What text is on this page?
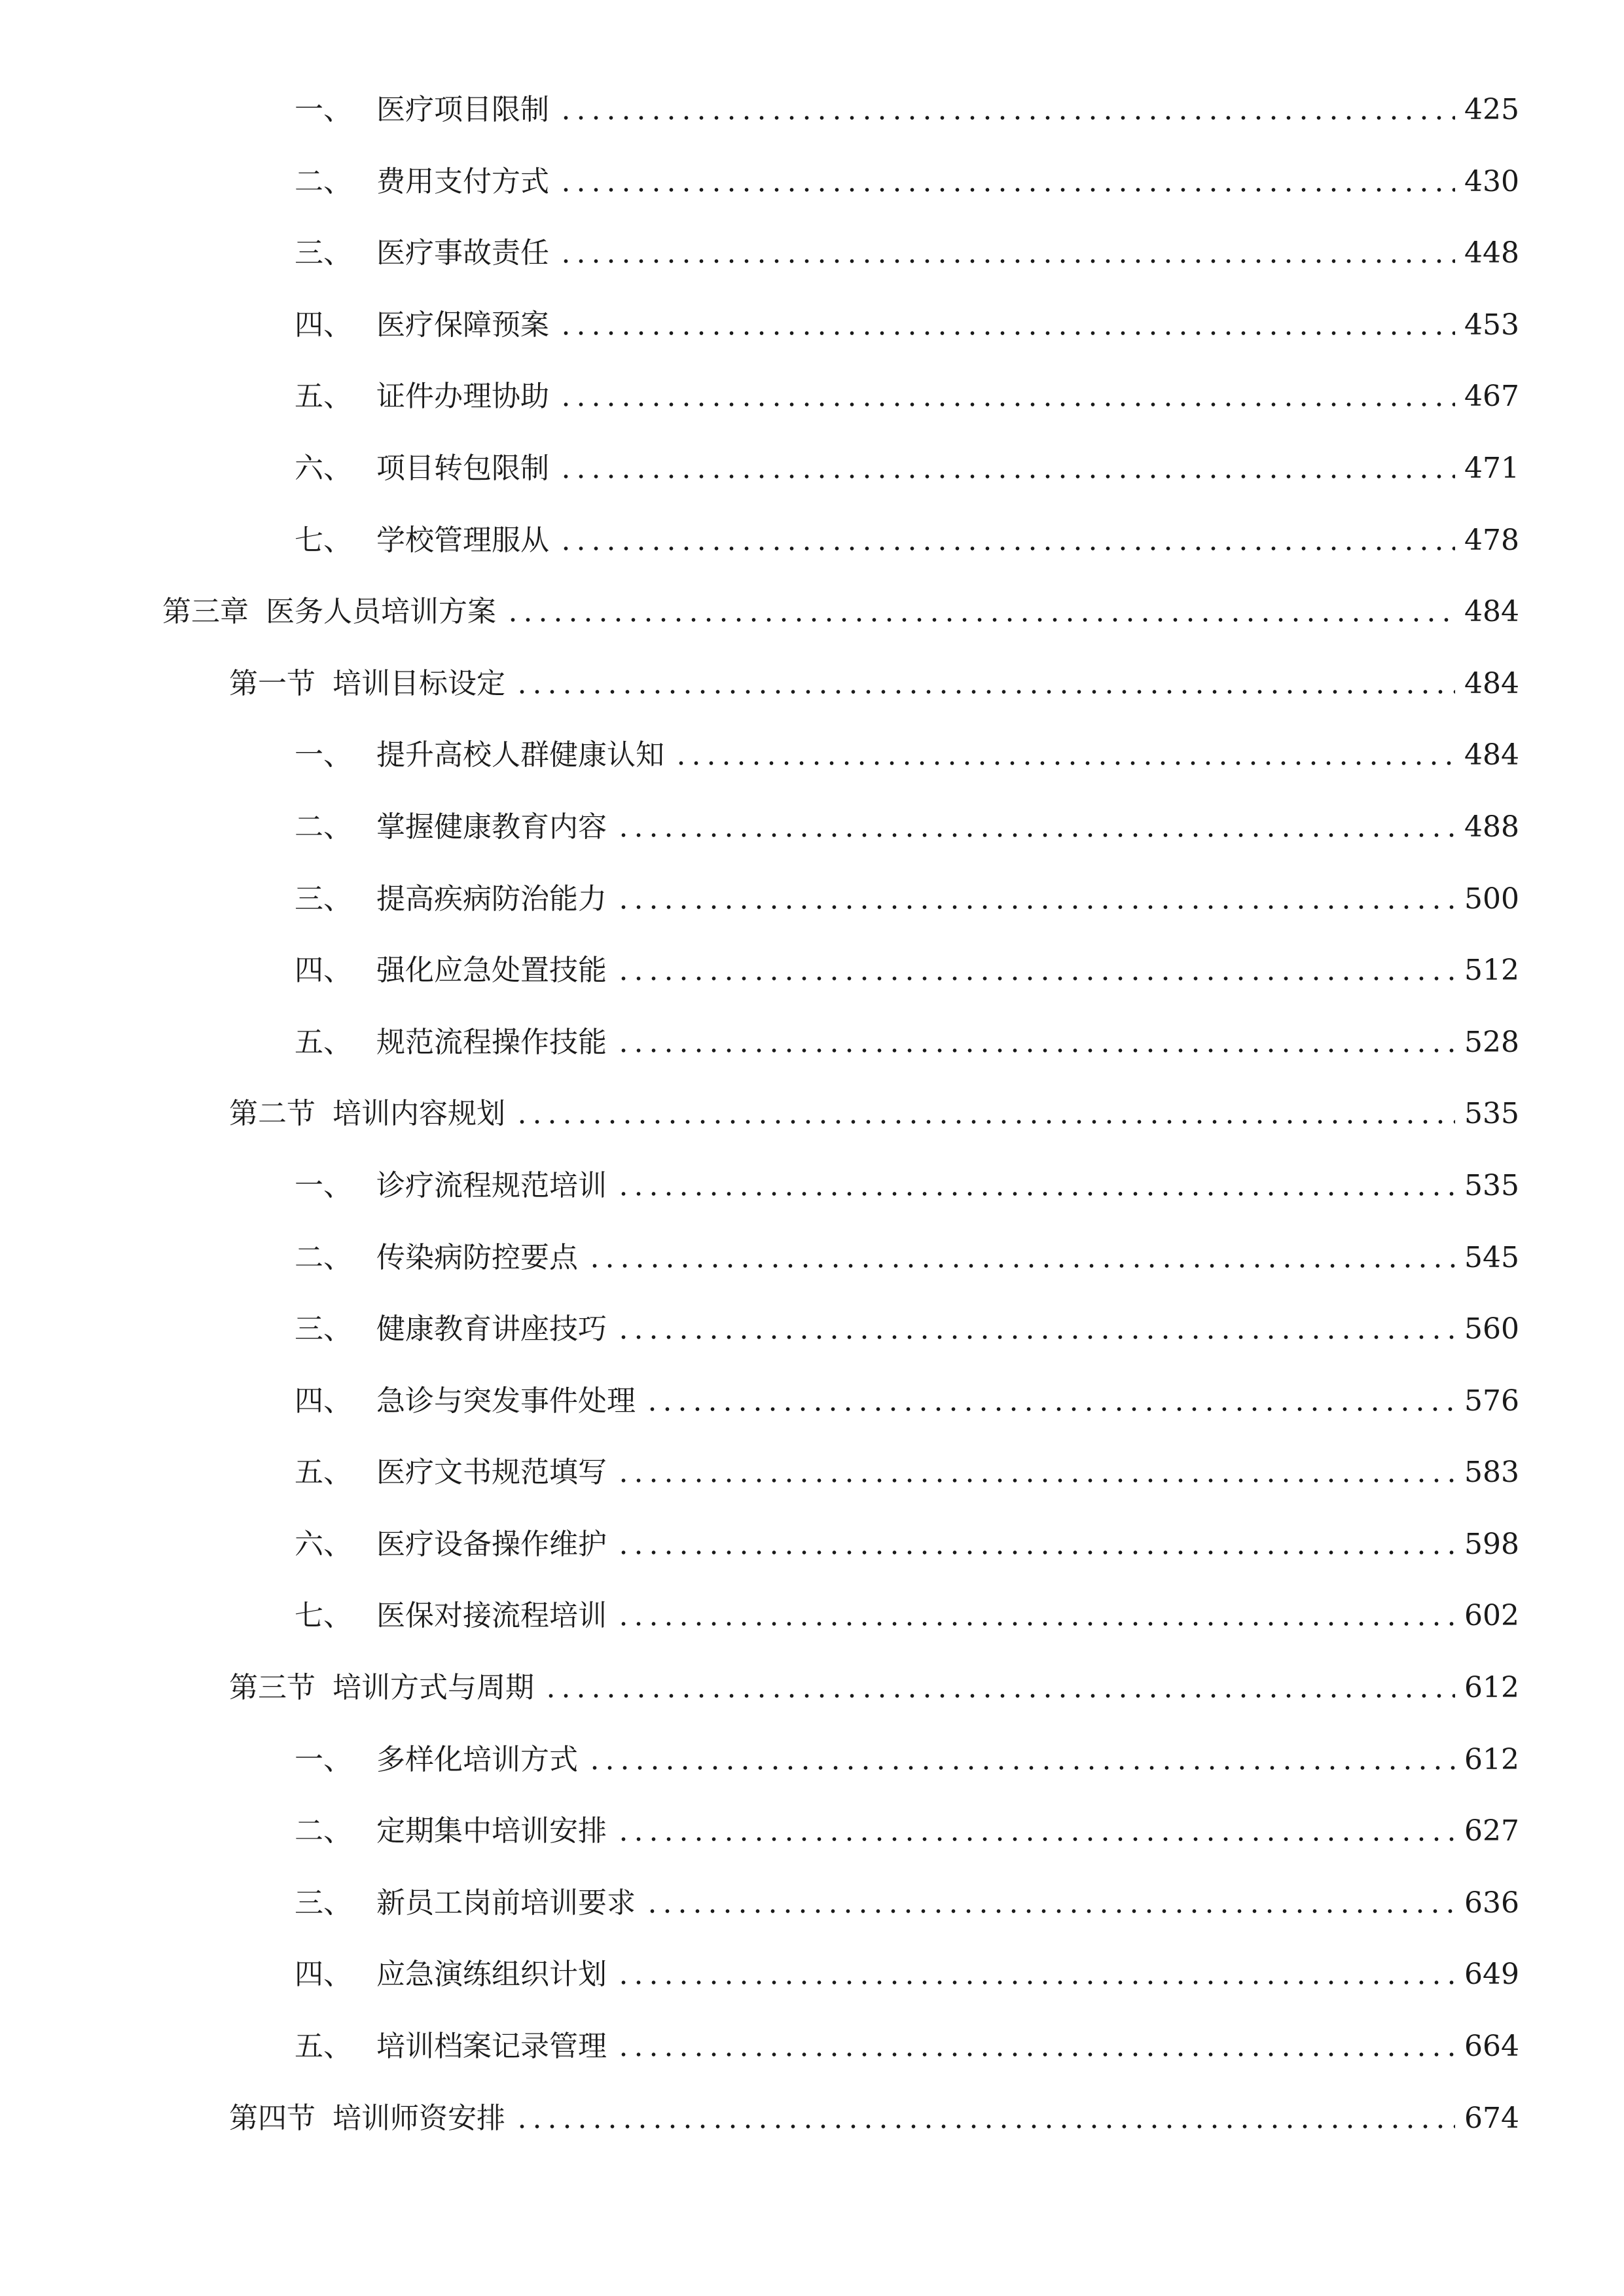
一、 医疗项目限制	425
二、 费用支付方式	430
三、 医疗事故责任	448
四、 医疗保障预案	453
五、 证件办理协助	467
六、 项目转包限制	471
七、 学校管理服从	478
第三章 医务人员培训方案	484
第一节 培训目标设定	484
一、 提升高校人群健康认知	484
二、 掌握健康教育内容	488
三、 提高疾病防治能力	500
四、 强化应急处置技能	512
五、 规范流程操作技能	528
第二节 培训内容规划	535
一、 诊疗流程规范培训	535
二、 传染病防控要点	545
三、 健康教育讲座技巧	560
四、 急诊与突发事件处理	576
五、 医疗文书规范填写	583
六、 医疗设备操作维护	598
七、 医保对接流程培训	602
第三节 培训方式与周期	612
一、 多样化培训方式	612
二、 定期集中培训安排	627
三、 新员工岗前培训要求	636
四、 应急演练组织计划	649
五、 培训档案记录管理	664
第四节 培训师资安排	674
